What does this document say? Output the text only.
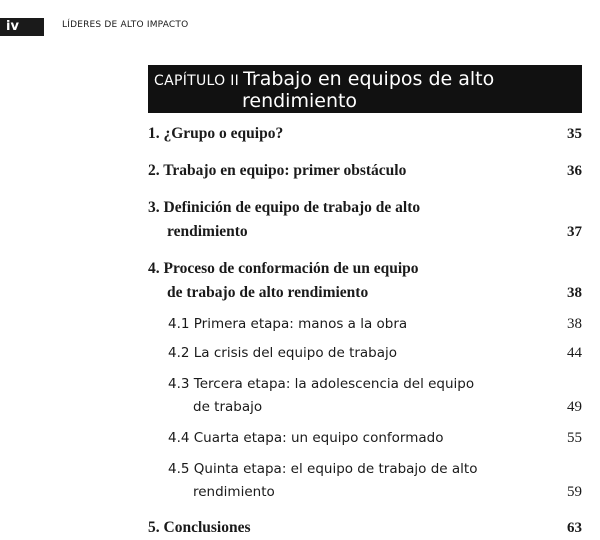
iv	LÍDERES DE ALTO IMPACTO
CAPÍTULO II Trabajo en equipos de alto
rendimiento
1. ¿Grupo o equipo?	35
2. Trabajo en equipo: primer obstáculo	36
3. Definición de equipo de trabajo de alto
rendimiento	37
4. Proceso de conformación de un equipo
de trabajo de alto rendimiento	38
4.1 Primera etapa: manos a la obra	38
4.2 La crisis del equipo de trabajo	44
4.3 Tercera etapa: la adolescencia del equipo
de trabajo	49
4.4 Cuarta etapa: un equipo conformado	55
4.5 Quinta etapa: el equipo de trabajo de alto
rendimiento	59
5. Conclusiones	63
